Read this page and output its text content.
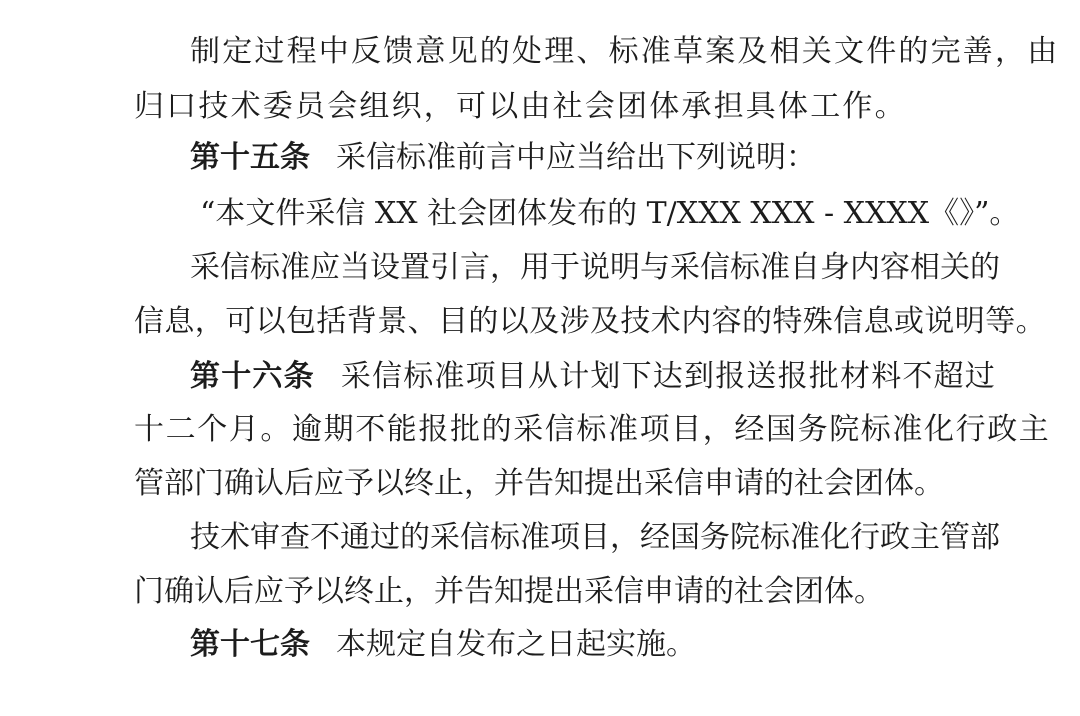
制定过程中反馈意见的处理、标准草案及相关文件的完善，由
归口技术委员会组织，可以由社会团体承担具体工作。
第十五条 采信标准前言中应当给出下列说明：
“本文件采信 XX 社会团体发布的 T/XXX XXX - XXXX《》”。
采信标准应当设置引言，用于说明与采信标准自身内容相关的
信息，可以包括背景、目的以及涉及技术内容的特殊信息或说明等。
第十六条 采信标准项目从计划下达到报送报批材料不超过
十二个月。逾期不能报批的采信标准项目，经国务院标准化行政主
管部门确认后应予以终止，并告知提出采信申请的社会团体。
技术审查不通过的采信标准项目，经国务院标准化行政主管部
门确认后应予以终止，并告知提出采信申请的社会团体。
第十七条 本规定自发布之日起实施。
